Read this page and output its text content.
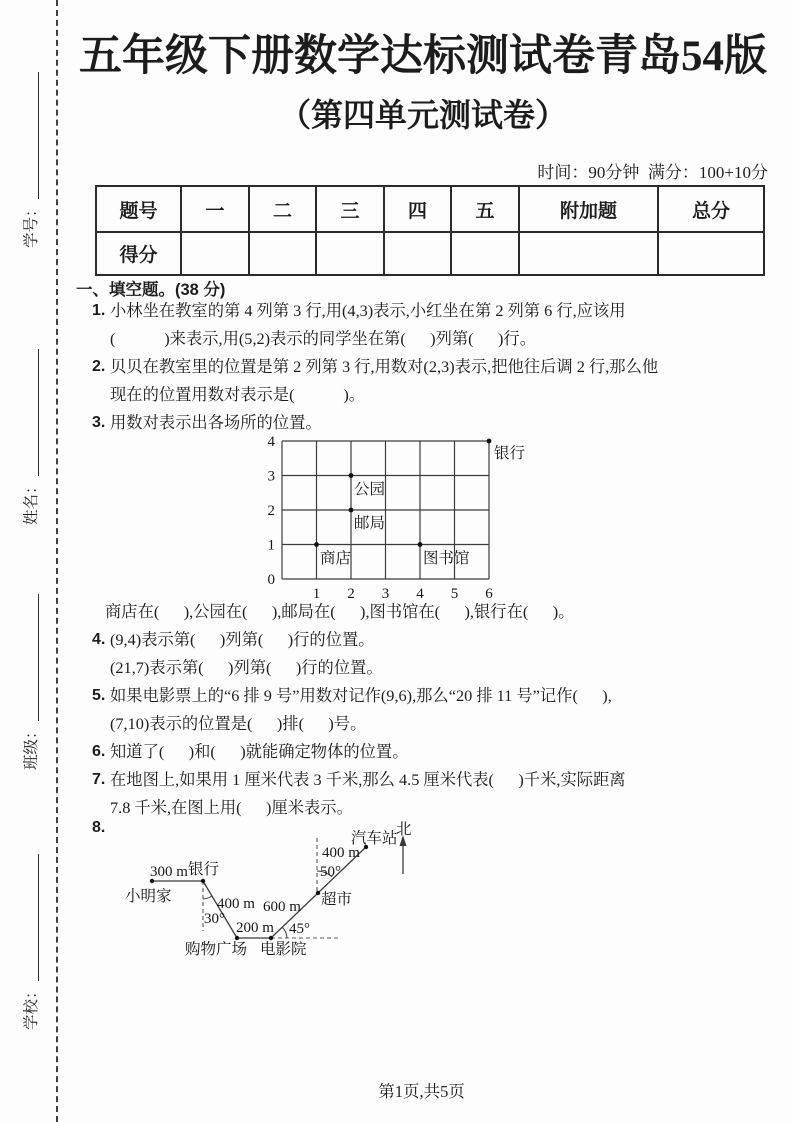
学号：
姓名：
班级：
学校：
五年级下册数学达标测试卷青岛54版
（第四单元测试卷）
时间：90分钟  满分：100+10分
题号	一	二	三	四	五	附加题	总分
得分							
一、填空题。(38 分)
1. 小林坐在教室的第 4 列第 3 行,用(4,3)表示,小红坐在第 2 列第 6 行,应该用
(            )来表示,用(5,2)表示的同学坐在第(      )列第(      )行。
2. 贝贝在教室里的位置是第 2 列第 3 行,用数对(2,3)表示,把他往后调 2 行,那么他
现在的位置用数对表示是(            )。
3. 用数对表示出各场所的位置。
4
3
2
1
0
1 2 3 4 5 6
商店
公园
邮局
图书馆
银行
商店在(      ),公园在(      ),邮局在(      ),图书馆在(      ),银行在(      )。
4. (9,4)表示第(      )列第(      )行的位置。
(21,7)表示第(      )列第(      )行的位置。
5. 如果电影票上的“6 排 9 号”用数对记作(9,6),那么“20 排 11 号”记作(      ),
(7,10)表示的位置是(      )排(      )号。
6. 知道了(      )和(      )就能确定物体的位置。
7. 在地图上,如果用 1 厘米代表 3 千米,那么 4.5 厘米代表(      )千米,实际距离
7.8 千米,在图上用(      )厘米表示。
8.
小明家
银行
购物广场 电影院
超市
汽车站
北
300 m
400 m
200 m
600 m
400 m
30°
45°
50°
第1页,共5页
